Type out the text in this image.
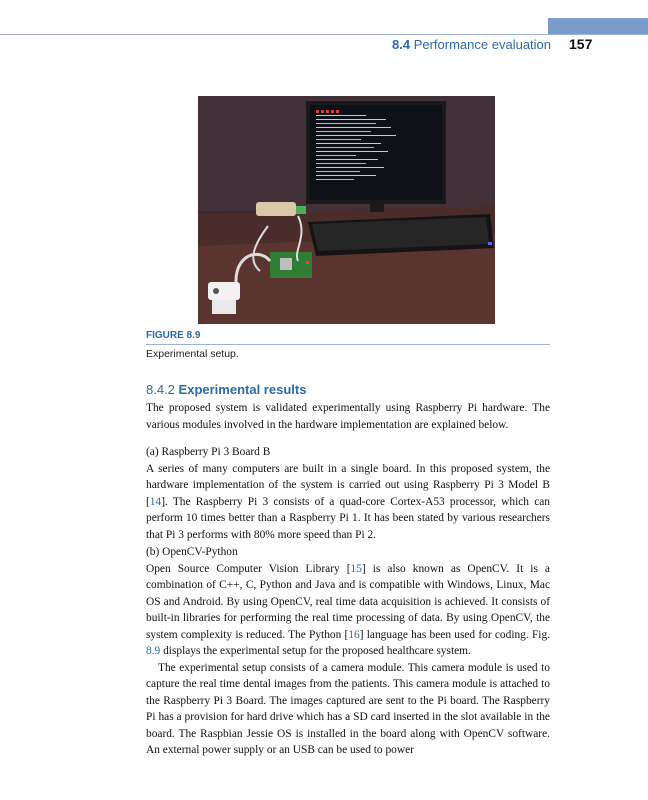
8.4 Performance evaluation 157
FIGURE 8.9
Experimental setup.
8.4.2 Experimental results

The proposed system is validated experimentally using Raspberry Pi hardware. The various modules involved in the hardware implementation are explained below.

(a) Raspberry Pi 3 Board B

A series of many computers are built in a single board. In this proposed system, the hardware implementation of the system is carried out using Raspberry Pi 3 Model B [14]. The Raspberry Pi 3 consists of a quad-core Cortex-A53 processor, which can perform 10 times better than a Raspberry Pi 1. It has been stated by various researchers that Pi 3 performs with 80% more speed than Pi 2.

(b) OpenCV-Python

Open Source Computer Vision Library [15] is also known as OpenCV. It is a combination of C++, C, Python and Java and is compatible with Windows, Linux, Mac OS and Android. By using OpenCV, real time data acquisition is achieved. It consists of built-in libraries for performing the real time processing of data. By using OpenCV, the system complexity is reduced. The Python [16] language has been used for coding. Fig. 8.9 displays the experimental setup for the proposed healthcare system.

The experimental setup consists of a camera module. This camera module is used to capture the real time dental images from the patients. This camera module is attached to the Raspberry Pi 3 Board. The images captured are sent to the Pi board. The Raspberry Pi has a provision for hard drive which has a SD card inserted in the slot available in the board. The Raspbian Jessie OS is installed in the board along with OpenCV software. An external power supply or an USB can be used to power
